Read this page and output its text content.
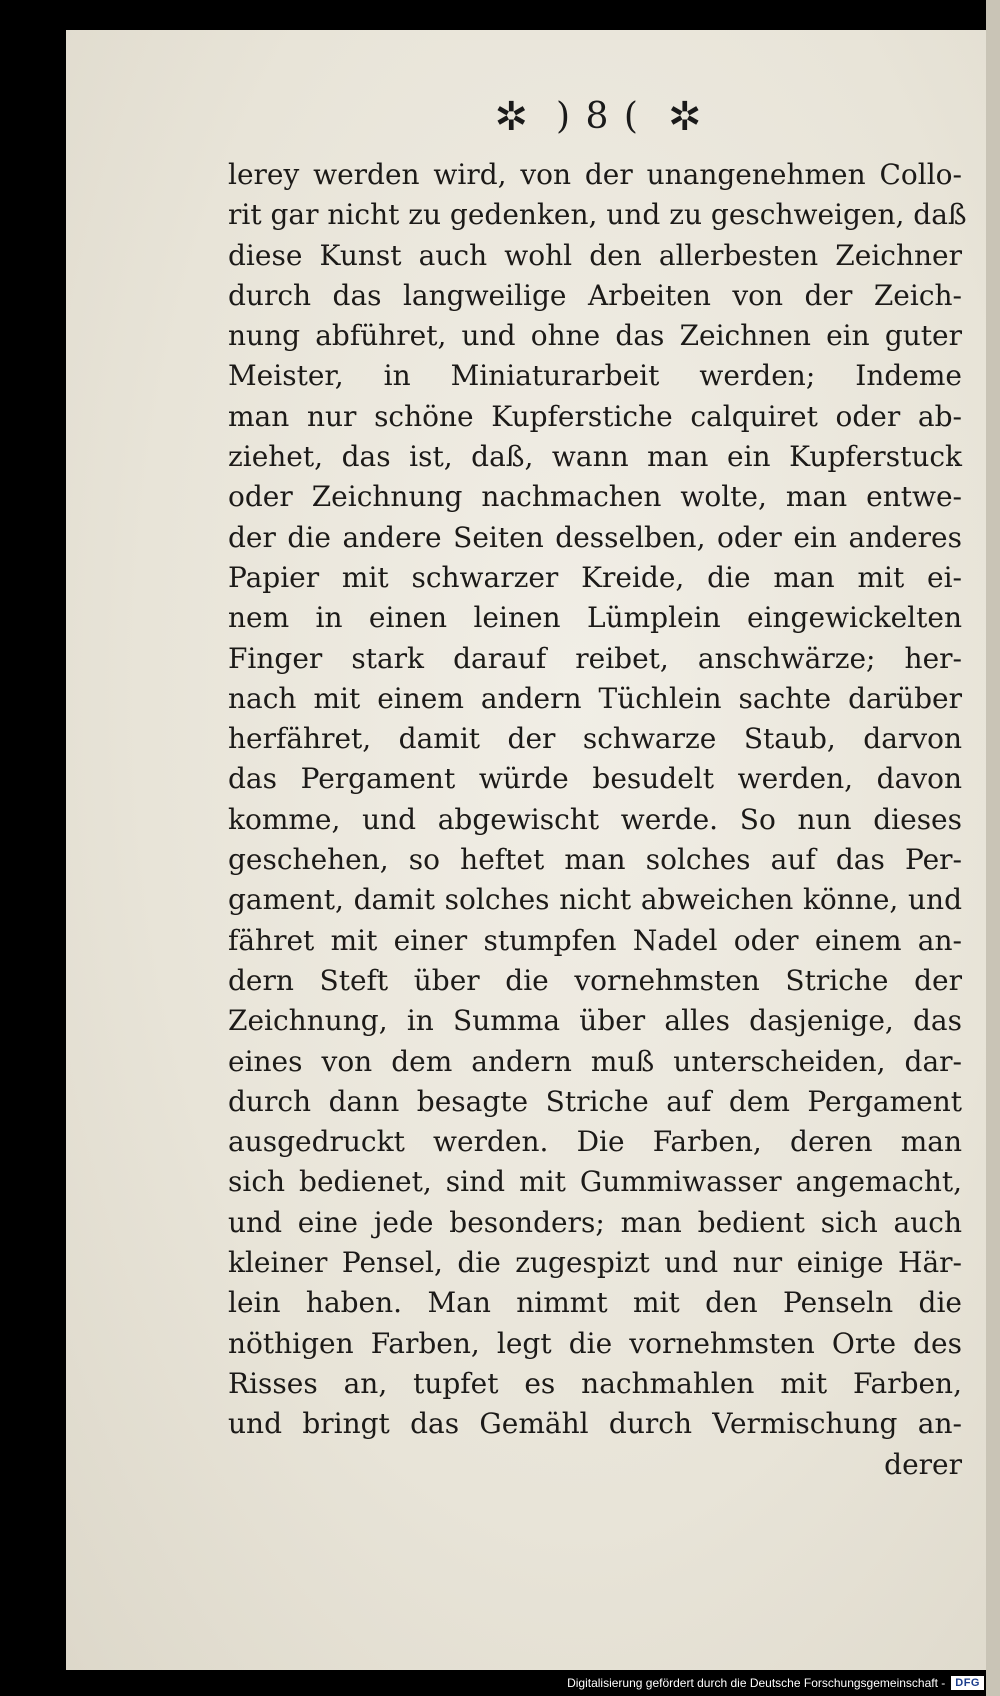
✲ ) 8 ( ✲
lerey werden wird, von der unangenehmen Collo-
rit gar nicht zu gedenken, und zu geschweigen, daß
diese Kunst auch wohl den allerbesten Zeichner
durch das langweilige Arbeiten von der Zeich-
nung abführet, und ohne das Zeichnen ein guter
Meister, in Miniaturarbeit werden; Indeme
man nur schöne Kupferstiche calquiret oder ab-
ziehet, das ist, daß, wann man ein Kupferstuck
oder Zeichnung nachmachen wolte, man entwe-
der die andere Seiten desselben, oder ein anderes
Papier mit schwarzer Kreide, die man mit ei-
nem in einen leinen Lümplein eingewickelten
Finger stark darauf reibet, anschwärze; her-
nach mit einem andern Tüchlein sachte darüber
herfähret, damit der schwarze Staub, darvon
das Pergament würde besudelt werden, davon
komme, und abgewischt werde. So nun dieses
geschehen, so heftet man solches auf das Per-
gament, damit solches nicht abweichen könne, und
fähret mit einer stumpfen Nadel oder einem an-
dern Steft über die vornehmsten Striche der
Zeichnung, in Summa über alles dasjenige, das
eines von dem andern muß unterscheiden, dar-
durch dann besagte Striche auf dem Pergament
ausgedruckt werden. Die Farben, deren man
sich bedienet, sind mit Gummiwasser angemacht,
und eine jede besonders; man bedient sich auch
kleiner Pensel, die zugespizt und nur einige Här-
lein haben. Man nimmt mit den Penseln die
nöthigen Farben, legt die vornehmsten Orte des
Risses an, tupfet es nachmahlen mit Farben,
und bringt das Gemähl durch Vermischung an-
derer
Digitalisierung gefördert durch die Deutsche Forschungsgemeinschaft - DFG
